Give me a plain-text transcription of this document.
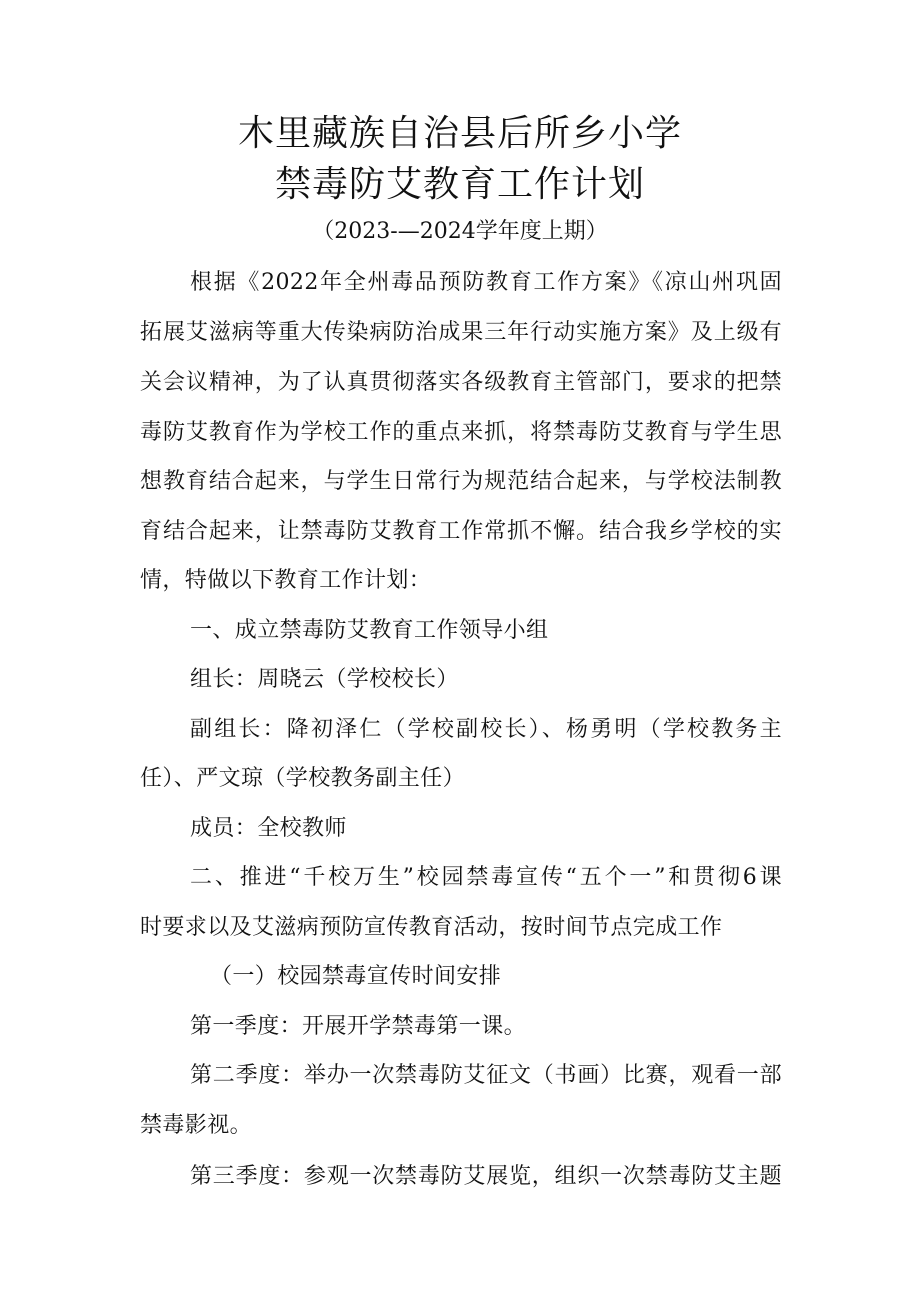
木里藏族自治县后所乡小学
禁毒防艾教育工作计划
（2023-—2024学年度上期）
根据《2022年全州毒品预防教育工作方案》《凉山州巩固
拓展艾滋病等重大传染病防治成果三年行动实施方案》及上级有
关会议精神，为了认真贯彻落实各级教育主管部门，要求的把禁
毒防艾教育作为学校工作的重点来抓，将禁毒防艾教育与学生思
想教育结合起来，与学生日常行为规范结合起来，与学校法制教
育结合起来，让禁毒防艾教育工作常抓不懈。结合我乡学校的实
情，特做以下教育工作计划：
一、成立禁毒防艾教育工作领导小组
组长：周晓云（学校校长）
副组长：降初泽仁（学校副校长）、杨勇明（学校教务主
任）、严文琼（学校教务副主任）
成员：全校教师
二、推进“千校万生”校园禁毒宣传“五个一”和贯彻6课
时要求以及艾滋病预防宣传教育活动，按时间节点完成工作
（一）校园禁毒宣传时间安排
第一季度：开展开学禁毒第一课。
第二季度：举办一次禁毒防艾征文（书画）比赛，观看一部
禁毒影视。
第三季度：参观一次禁毒防艾展览，组织一次禁毒防艾主题
